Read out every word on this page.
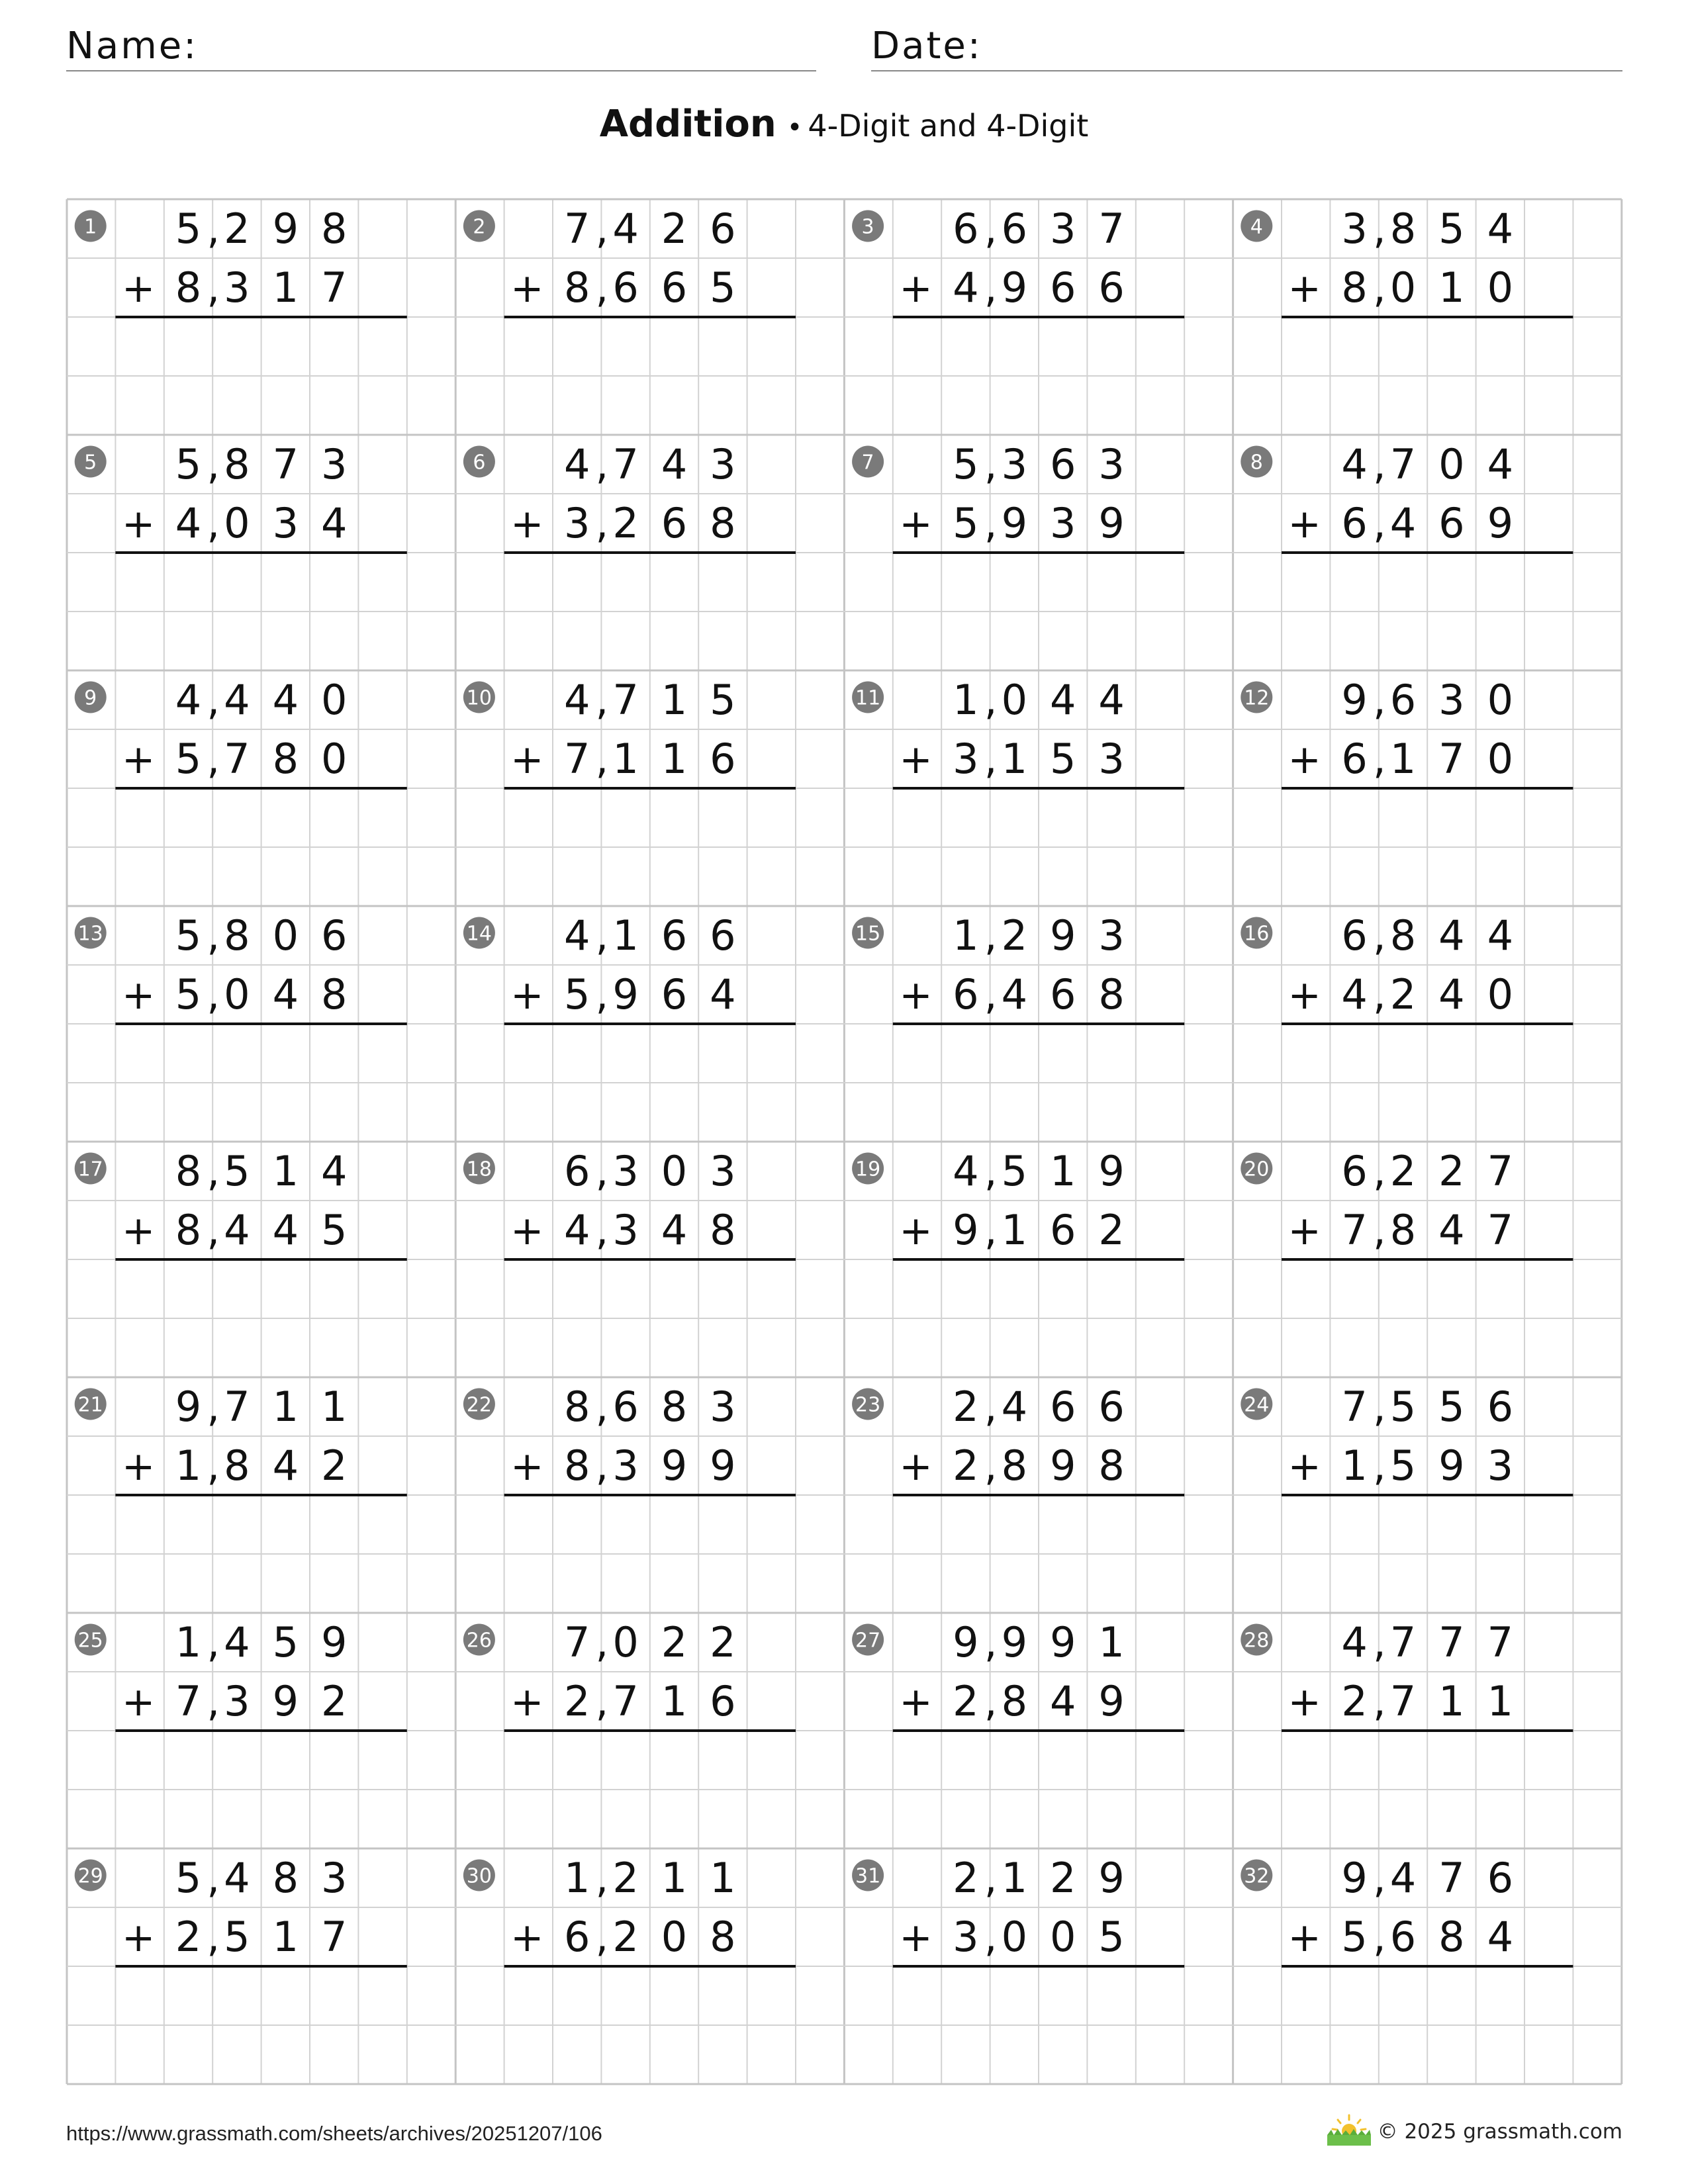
Name:	Date:
Addition • 4-Digit and 4-Digit
1 5 2 9 8
,
8 3 1 7
,
+
2 7 4 2 6
,
8 6 6 5
,
+
3 6 6 3 7
,
4 9 6 6
,
+
4 3 8 5 4
,
8 0 1 0
,
+
5 5 8 7 3
,
4 0 3 4
,
+
6 4 7 4 3
,
3 2 6 8
,
+
7 5 3 6 3
,
5 9 3 9
,
+
8 4 7 0 4
,
6 4 6 9
,
+
9 4 4 4 0
,
5 7 8 0
,
+
10 4 7 1 5
,
7 1 1 6
,
+
11 1 0 4 4
,
3 1 5 3
,
+
12 9 6 3 0
,
6 1 7 0
,
+
13 5 8 0 6
,
5 0 4 8
,
+
14 4 1 6 6
,
5 9 6 4
,
+
15 1 2 9 3
,
6 4 6 8
,
+
16 6 8 4 4
,
4 2 4 0
,
+
17 8 5 1 4
,
8 4 4 5
,
+
18 6 3 0 3
,
4 3 4 8
,
+
19 4 5 1 9
,
9 1 6 2
,
+
20 6 2 2 7
,
7 8 4 7
,
+
21 9 7 1 1
,
1 8 4 2
,
+
22 8 6 8 3
,
8 3 9 9
,
+
23 2 4 6 6
,
2 8 9 8
,
+
24 7 5 5 6
,
1 5 9 3
,
+
25 1 4 5 9
,
7 3 9 2
,
+
26 7 0 2 2
,
2 7 1 6
,
+
27 9 9 9 1
,
2 8 4 9
,
+
28 4 7 7 7
,
2 7 1 1
,
+
29 5 4 8 3
,
2 5 1 7
,
+
30 1 2 1 1
,
6 2 0 8
,
+
31 2 1 2 9
,
3 0 0 5
,
+
32 9 4 7 6
,
5 6 8 4
,
+
https://www.grassmath.com/sheets/archives/20251207/106	© 2025 grassmath.com
